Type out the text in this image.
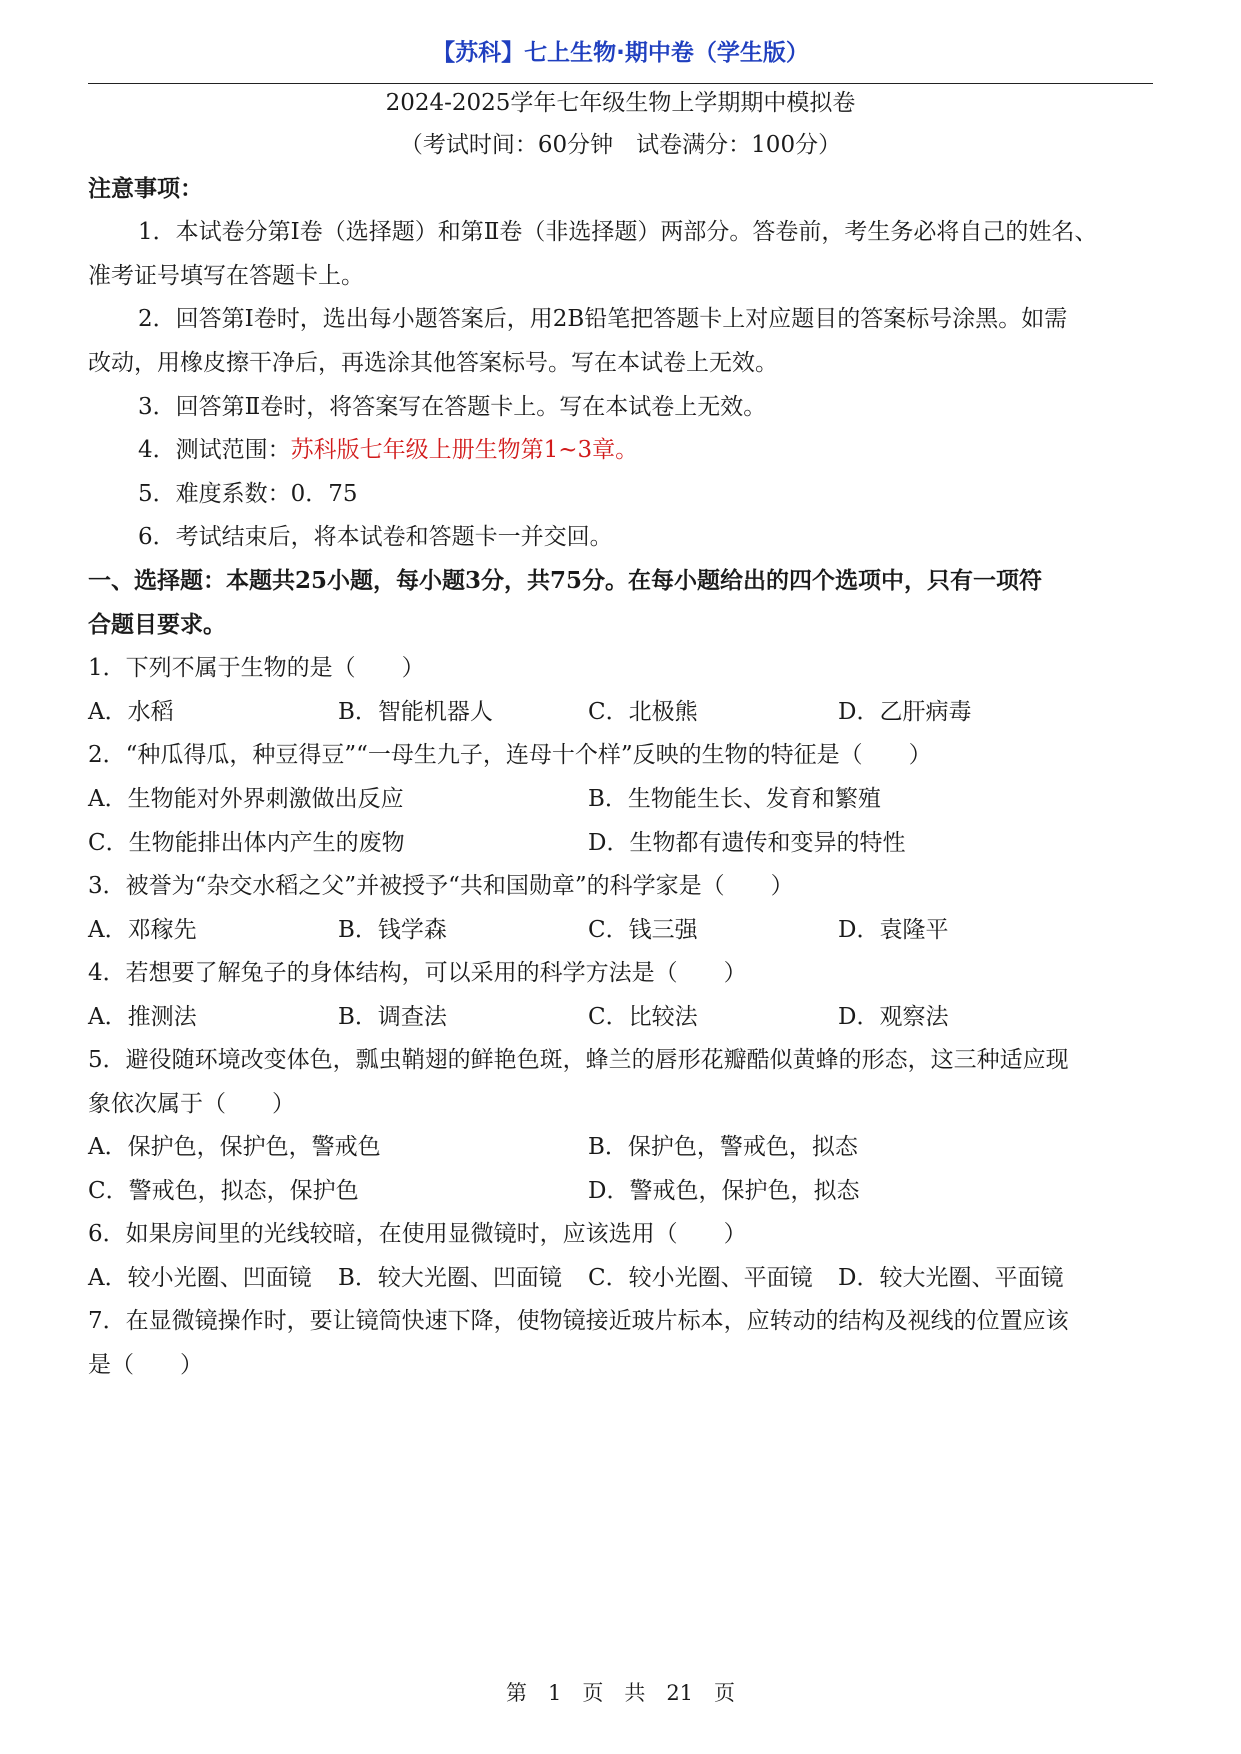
【苏科】七上生物·期中卷（学生版）
2024-2025学年七年级生物上学期期中模拟卷
（考试时间：60分钟　试卷满分：100分）
注意事项：
1．本试卷分第Ⅰ卷（选择题）和第Ⅱ卷（非选择题）两部分。答卷前，考生务必将自己的姓名、
准考证号填写在答题卡上。
2．回答第Ⅰ卷时，选出每小题答案后，用2B铅笔把答题卡上对应题目的答案标号涂黑。如需
改动，用橡皮擦干净后，再选涂其他答案标号。写在本试卷上无效。
3．回答第Ⅱ卷时，将答案写在答题卡上。写在本试卷上无效。
4．测试范围：苏科版七年级上册生物第1~3章。
5．难度系数：0．75
6．考试结束后，将本试卷和答题卡一并交回。
一、选择题：本题共25小题，每小题3分，共75分。在每小题给出的四个选项中，只有一项符
合题目要求。
1．下列不属于生物的是（　　）
A．水稻	B．智能机器人	C．北极熊	D．乙肝病毒
2．“种瓜得瓜，种豆得豆”“一母生九子，连母十个样”反映的生物的特征是（　　）
A．生物能对外界刺激做出反应	B．生物能生长、发育和繁殖
C．生物能排出体内产生的废物	D．生物都有遗传和变异的特性
3．被誉为“杂交水稻之父”并被授予“共和国勋章”的科学家是（　　）
A．邓稼先	B．钱学森	C．钱三强	D．袁隆平
4．若想要了解兔子的身体结构，可以采用的科学方法是（　　）
A．推测法	B．调查法	C．比较法	D．观察法
5．避役随环境改变体色，瓢虫鞘翅的鲜艳色斑，蜂兰的唇形花瓣酷似黄蜂的形态，这三种适应现
象依次属于（　　）
A．保护色，保护色，警戒色	B．保护色，警戒色，拟态
C．警戒色，拟态，保护色	D．警戒色，保护色，拟态
6．如果房间里的光线较暗，在使用显微镜时，应该选用（　　）
A．较小光圈、凹面镜 B．较大光圈、凹面镜 C．较小光圈、平面镜 D．较大光圈、平面镜
7．在显微镜操作时，要让镜筒快速下降，使物镜接近玻片标本，应转动的结构及视线的位置应该
是（　　）
第　1　页　共　21　页
